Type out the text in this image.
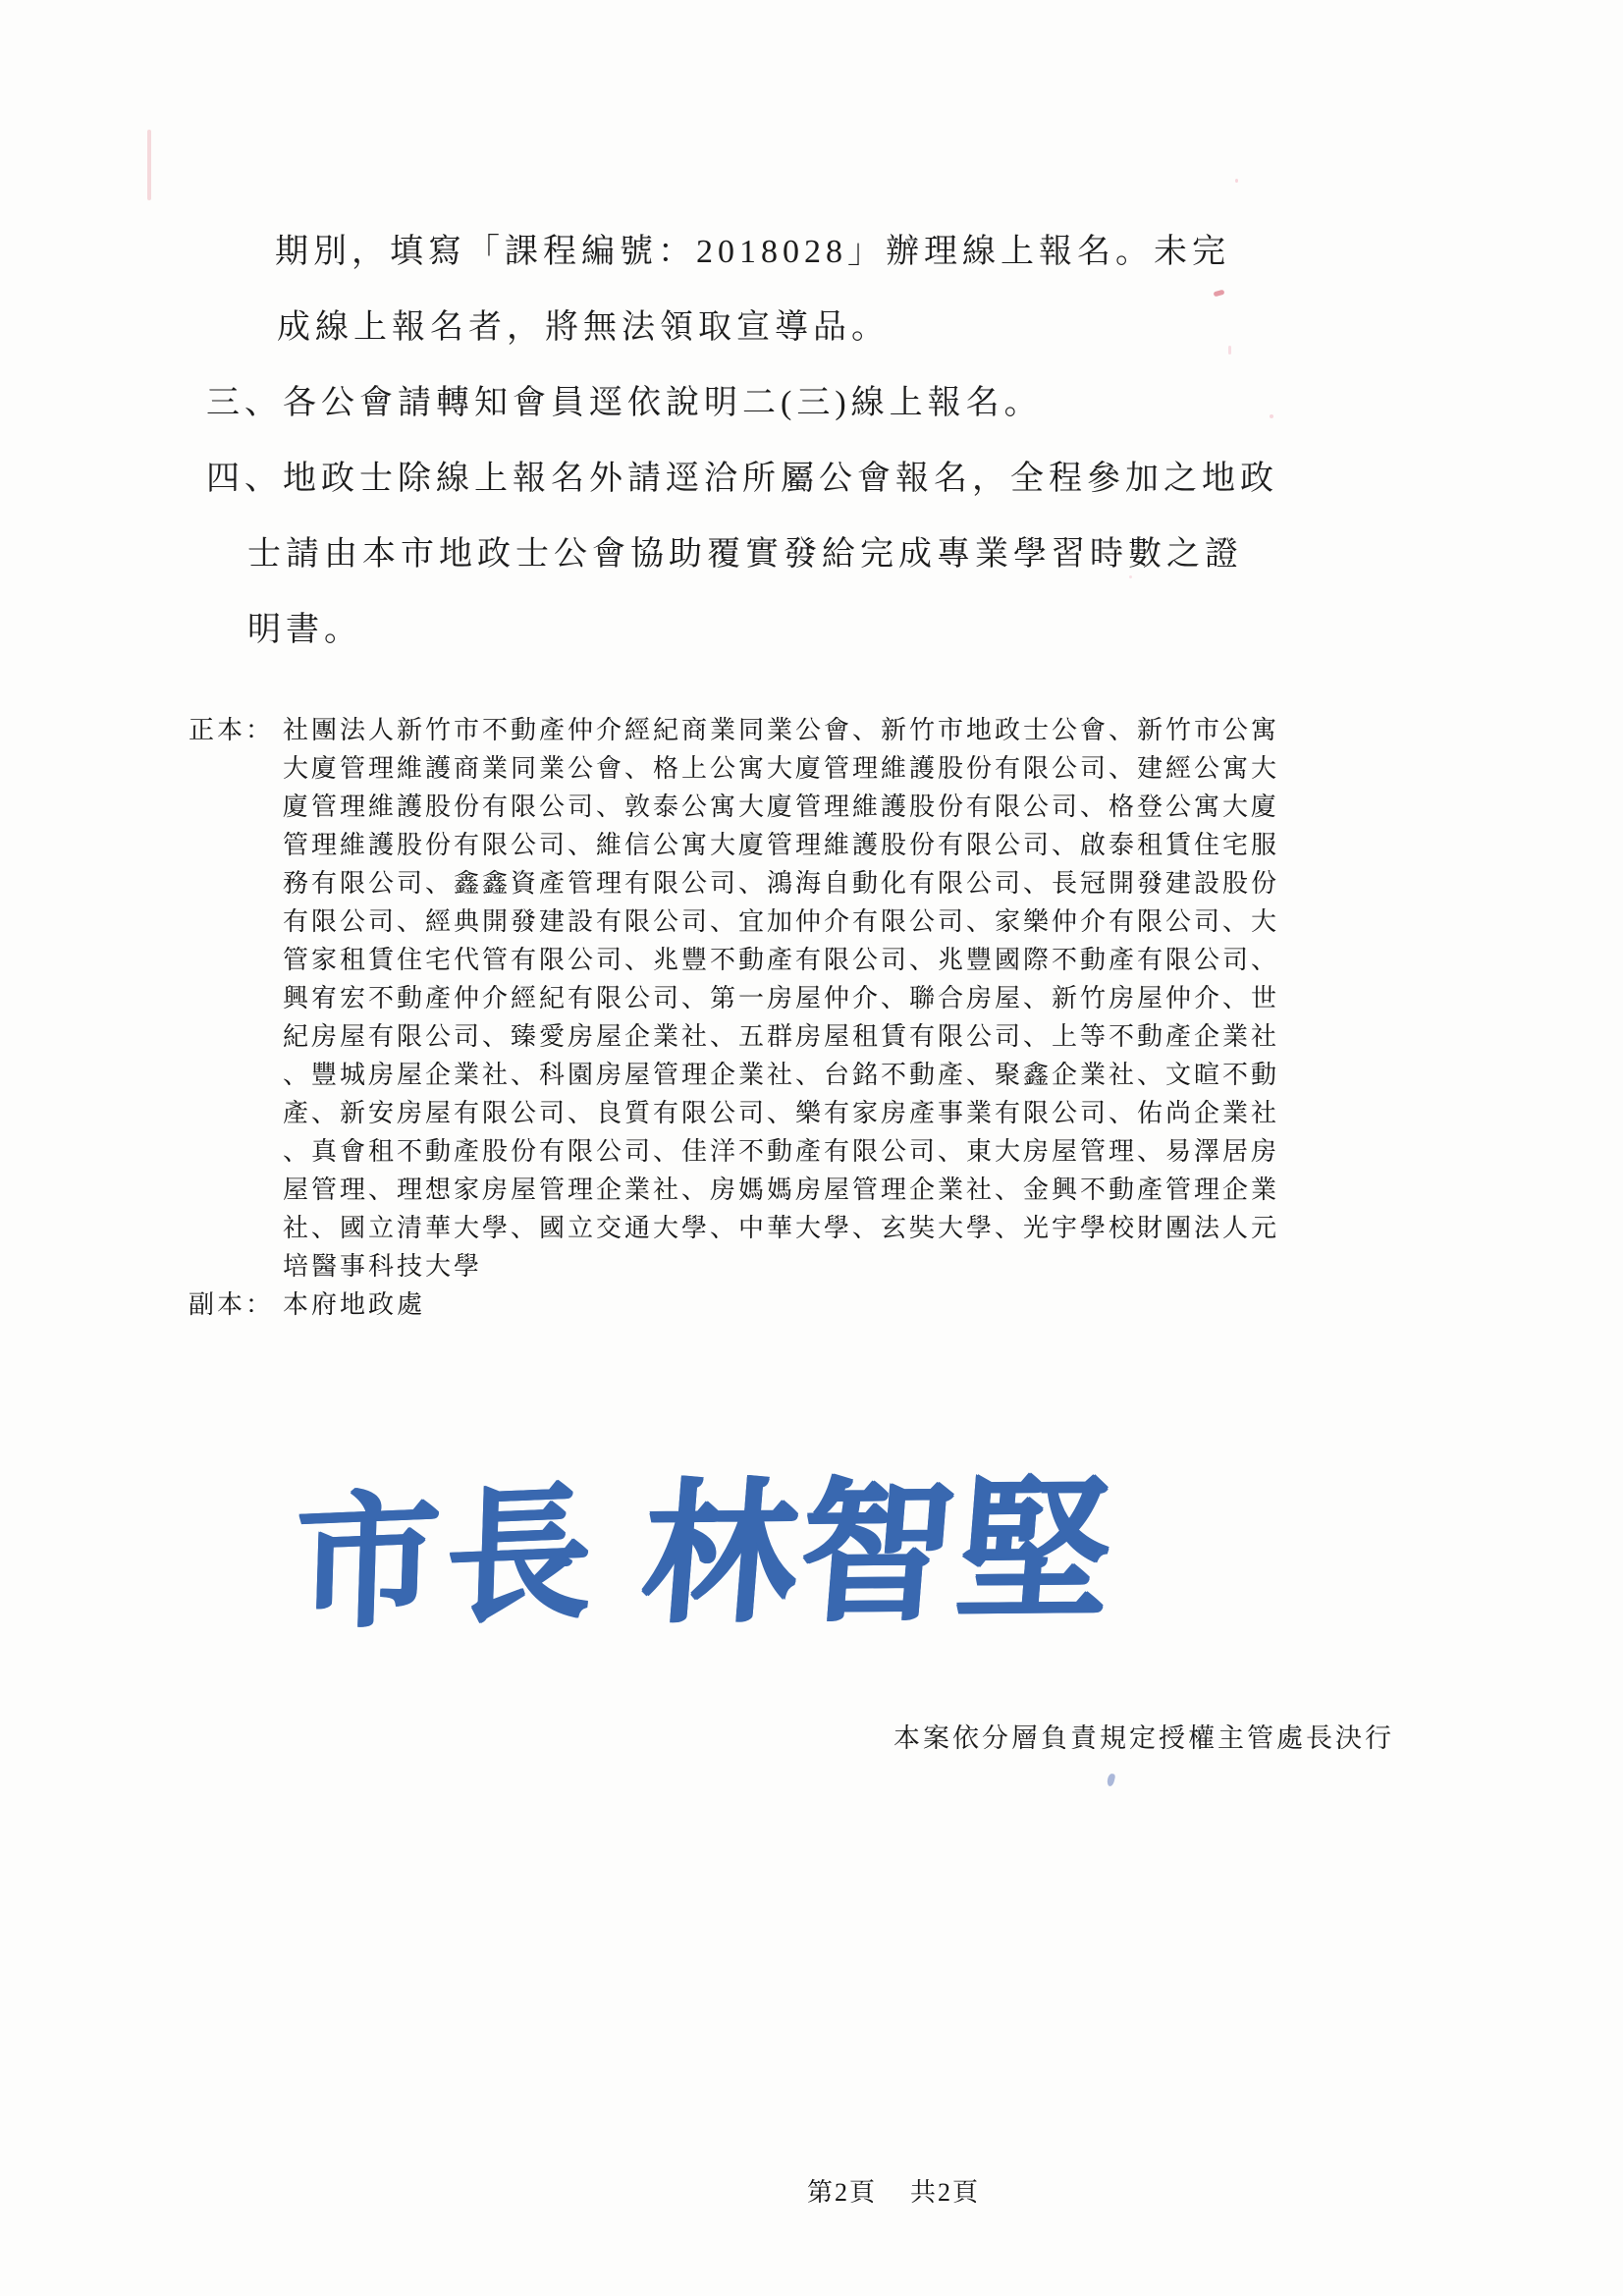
期別，填寫「課程編號：2018028」辦理線上報名。未完
成線上報名者，將無法領取宣導品。
三、各公會請轉知會員逕依說明二(三)線上報名。
四、地政士除線上報名外請逕洽所屬公會報名，全程參加之地政
士請由本市地政士公會協助覆實發給完成專業學習時數之證
明書。
正本： 社團法人新竹市不動產仲介經紀商業同業公會、新竹市地政士公會、新竹市公寓
大廈管理維護商業同業公會、格上公寓大廈管理維護股份有限公司、建經公寓大
廈管理維護股份有限公司、敦泰公寓大廈管理維護股份有限公司、格登公寓大廈
管理維護股份有限公司、維信公寓大廈管理維護股份有限公司、啟泰租賃住宅服
務有限公司、鑫鑫資產管理有限公司、鴻海自動化有限公司、長冠開發建設股份
有限公司、經典開發建設有限公司、宜加仲介有限公司、家樂仲介有限公司、大
管家租賃住宅代管有限公司、兆豐不動產有限公司、兆豐國際不動產有限公司、
興宥宏不動產仲介經紀有限公司、第一房屋仲介、聯合房屋、新竹房屋仲介、世
紀房屋有限公司、臻愛房屋企業社、五群房屋租賃有限公司、上等不動產企業社
、豐城房屋企業社、科園房屋管理企業社、台銘不動產、聚鑫企業社、文暄不動
產、新安房屋有限公司、良質有限公司、樂有家房產事業有限公司、佑尚企業社
、真會租不動產股份有限公司、佳洋不動產有限公司、東大房屋管理、易澤居房
屋管理、理想家房屋管理企業社、房媽媽房屋管理企業社、金興不動產管理企業
社、國立清華大學、國立交通大學、中華大學、玄奘大學、光宇學校財團法人元
培醫事科技大學
副本： 本府地政處
市長 林智堅
本案依分層負責規定授權主管處長決行
第2頁 共2頁
